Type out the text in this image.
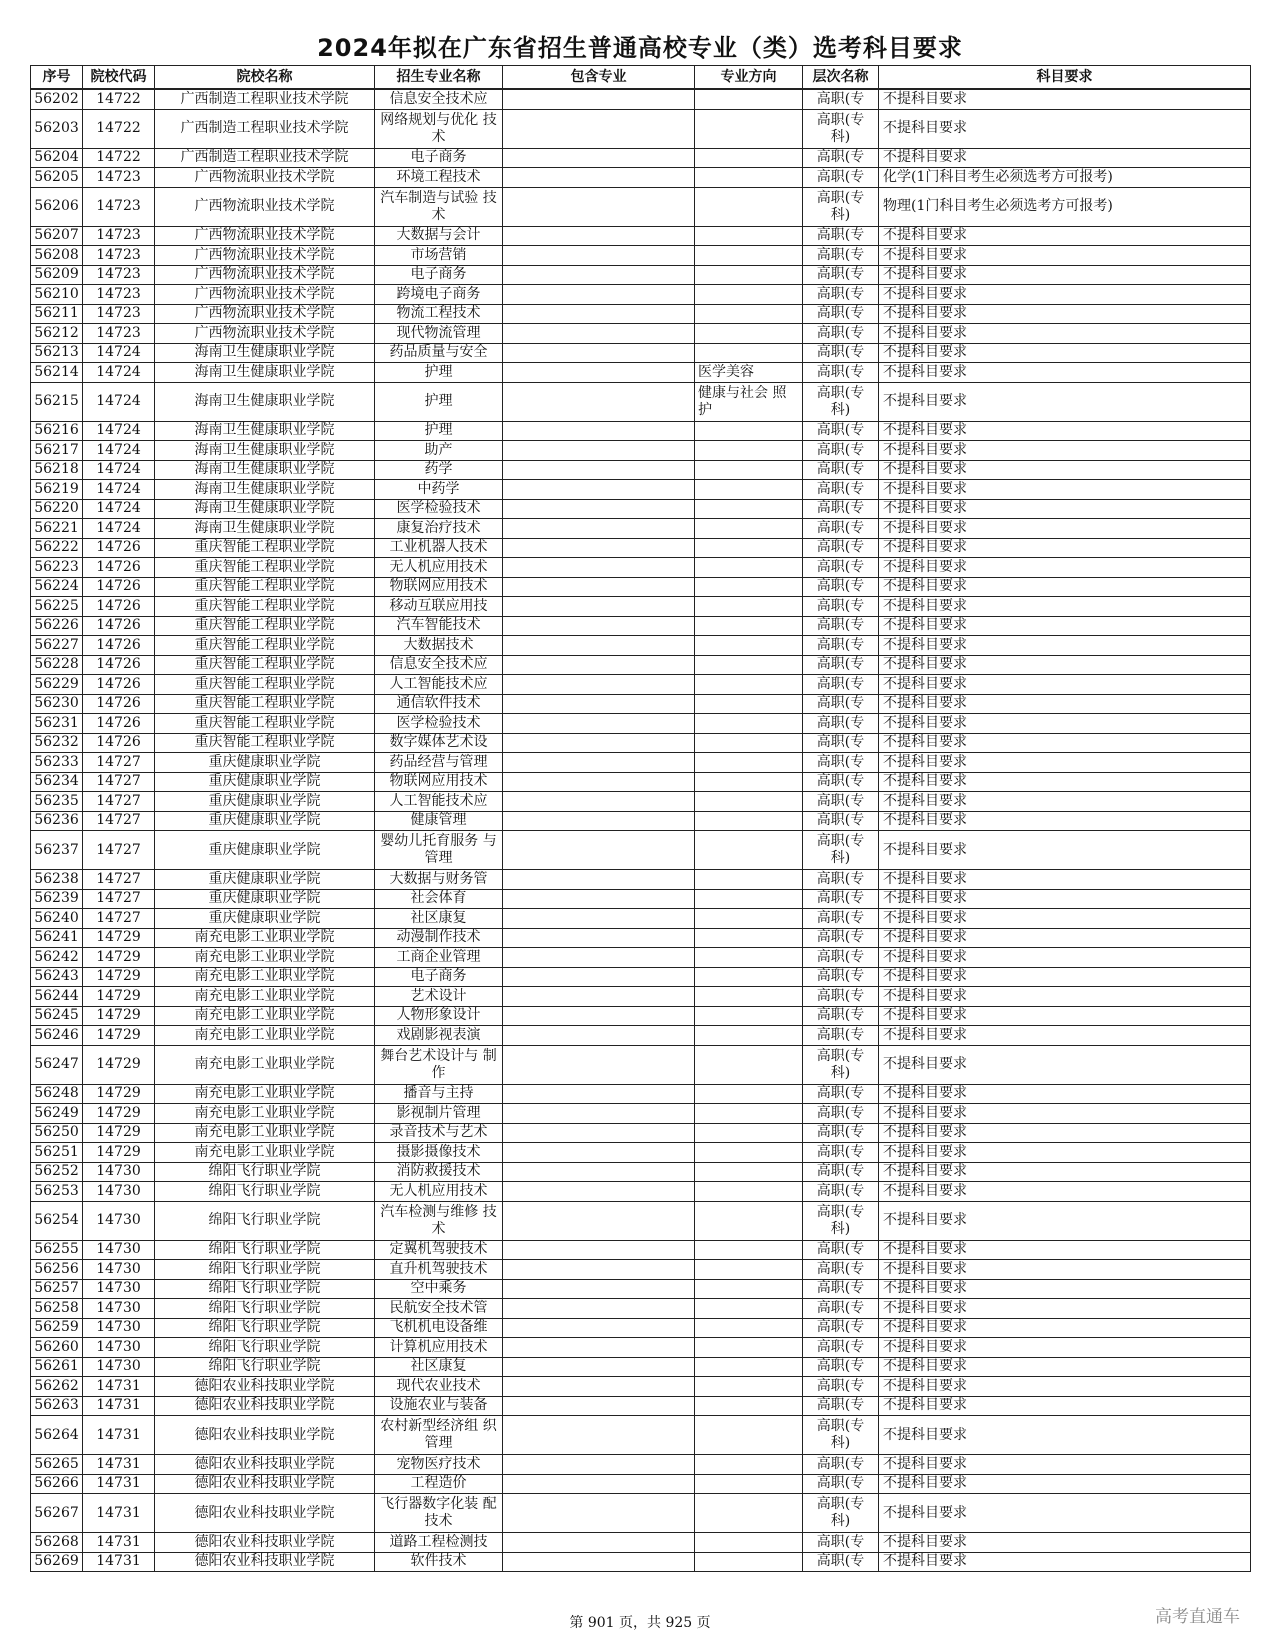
2024年拟在广东省招生普通高校专业（类）选考科目要求
序号	院校代码	院校名称	招生专业名称	包含专业	专业方向	层次名称	科目要求
56202	14722	广西制造工程职业技术学院	信息安全技术应			高职(专	不提科目要求
56203	14722	广西制造工程职业技术学院	网络规划与优化 技术			高职(专 科)	不提科目要求
56204	14722	广西制造工程职业技术学院	电子商务			高职(专	不提科目要求
56205	14723	广西物流职业技术学院	环境工程技术			高职(专	化学(1门科目考生必须选考方可报考)
56206	14723	广西物流职业技术学院	汽车制造与试验 技术			高职(专 科)	物理(1门科目考生必须选考方可报考)
56207	14723	广西物流职业技术学院	大数据与会计			高职(专	不提科目要求
56208	14723	广西物流职业技术学院	市场营销			高职(专	不提科目要求
56209	14723	广西物流职业技术学院	电子商务			高职(专	不提科目要求
56210	14723	广西物流职业技术学院	跨境电子商务			高职(专	不提科目要求
56211	14723	广西物流职业技术学院	物流工程技术			高职(专	不提科目要求
56212	14723	广西物流职业技术学院	现代物流管理			高职(专	不提科目要求
56213	14724	海南卫生健康职业学院	药品质量与安全			高职(专	不提科目要求
56214	14724	海南卫生健康职业学院	护理		医学美容	高职(专	不提科目要求
56215	14724	海南卫生健康职业学院	护理		健康与社会 照护	高职(专 科)	不提科目要求
56216	14724	海南卫生健康职业学院	护理			高职(专	不提科目要求
56217	14724	海南卫生健康职业学院	助产			高职(专	不提科目要求
56218	14724	海南卫生健康职业学院	药学			高职(专	不提科目要求
56219	14724	海南卫生健康职业学院	中药学			高职(专	不提科目要求
56220	14724	海南卫生健康职业学院	医学检验技术			高职(专	不提科目要求
56221	14724	海南卫生健康职业学院	康复治疗技术			高职(专	不提科目要求
56222	14726	重庆智能工程职业学院	工业机器人技术			高职(专	不提科目要求
56223	14726	重庆智能工程职业学院	无人机应用技术			高职(专	不提科目要求
56224	14726	重庆智能工程职业学院	物联网应用技术			高职(专	不提科目要求
56225	14726	重庆智能工程职业学院	移动互联应用技			高职(专	不提科目要求
56226	14726	重庆智能工程职业学院	汽车智能技术			高职(专	不提科目要求
56227	14726	重庆智能工程职业学院	大数据技术			高职(专	不提科目要求
56228	14726	重庆智能工程职业学院	信息安全技术应			高职(专	不提科目要求
56229	14726	重庆智能工程职业学院	人工智能技术应			高职(专	不提科目要求
56230	14726	重庆智能工程职业学院	通信软件技术			高职(专	不提科目要求
56231	14726	重庆智能工程职业学院	医学检验技术			高职(专	不提科目要求
56232	14726	重庆智能工程职业学院	数字媒体艺术设			高职(专	不提科目要求
56233	14727	重庆健康职业学院	药品经营与管理			高职(专	不提科目要求
56234	14727	重庆健康职业学院	物联网应用技术			高职(专	不提科目要求
56235	14727	重庆健康职业学院	人工智能技术应			高职(专	不提科目要求
56236	14727	重庆健康职业学院	健康管理			高职(专	不提科目要求
56237	14727	重庆健康职业学院	婴幼儿托育服务 与管理			高职(专 科)	不提科目要求
56238	14727	重庆健康职业学院	大数据与财务管			高职(专	不提科目要求
56239	14727	重庆健康职业学院	社会体育			高职(专	不提科目要求
56240	14727	重庆健康职业学院	社区康复			高职(专	不提科目要求
56241	14729	南充电影工业职业学院	动漫制作技术			高职(专	不提科目要求
56242	14729	南充电影工业职业学院	工商企业管理			高职(专	不提科目要求
56243	14729	南充电影工业职业学院	电子商务			高职(专	不提科目要求
56244	14729	南充电影工业职业学院	艺术设计			高职(专	不提科目要求
56245	14729	南充电影工业职业学院	人物形象设计			高职(专	不提科目要求
56246	14729	南充电影工业职业学院	戏剧影视表演			高职(专	不提科目要求
56247	14729	南充电影工业职业学院	舞台艺术设计与 制作			高职(专 科)	不提科目要求
56248	14729	南充电影工业职业学院	播音与主持			高职(专	不提科目要求
56249	14729	南充电影工业职业学院	影视制片管理			高职(专	不提科目要求
56250	14729	南充电影工业职业学院	录音技术与艺术			高职(专	不提科目要求
56251	14729	南充电影工业职业学院	摄影摄像技术			高职(专	不提科目要求
56252	14730	绵阳飞行职业学院	消防救援技术			高职(专	不提科目要求
56253	14730	绵阳飞行职业学院	无人机应用技术			高职(专	不提科目要求
56254	14730	绵阳飞行职业学院	汽车检测与维修 技术			高职(专 科)	不提科目要求
56255	14730	绵阳飞行职业学院	定翼机驾驶技术			高职(专	不提科目要求
56256	14730	绵阳飞行职业学院	直升机驾驶技术			高职(专	不提科目要求
56257	14730	绵阳飞行职业学院	空中乘务			高职(专	不提科目要求
56258	14730	绵阳飞行职业学院	民航安全技术管			高职(专	不提科目要求
56259	14730	绵阳飞行职业学院	飞机机电设备维			高职(专	不提科目要求
56260	14730	绵阳飞行职业学院	计算机应用技术			高职(专	不提科目要求
56261	14730	绵阳飞行职业学院	社区康复			高职(专	不提科目要求
56262	14731	德阳农业科技职业学院	现代农业技术			高职(专	不提科目要求
56263	14731	德阳农业科技职业学院	设施农业与装备			高职(专	不提科目要求
56264	14731	德阳农业科技职业学院	农村新型经济组 织管理			高职(专 科)	不提科目要求
56265	14731	德阳农业科技职业学院	宠物医疗技术			高职(专	不提科目要求
56266	14731	德阳农业科技职业学院	工程造价			高职(专	不提科目要求
56267	14731	德阳农业科技职业学院	飞行器数字化装 配技术			高职(专 科)	不提科目要求
56268	14731	德阳农业科技职业学院	道路工程检测技			高职(专	不提科目要求
56269	14731	德阳农业科技职业学院	软件技术			高职(专	不提科目要求
第 901 页，共 925 页	高考直通车
